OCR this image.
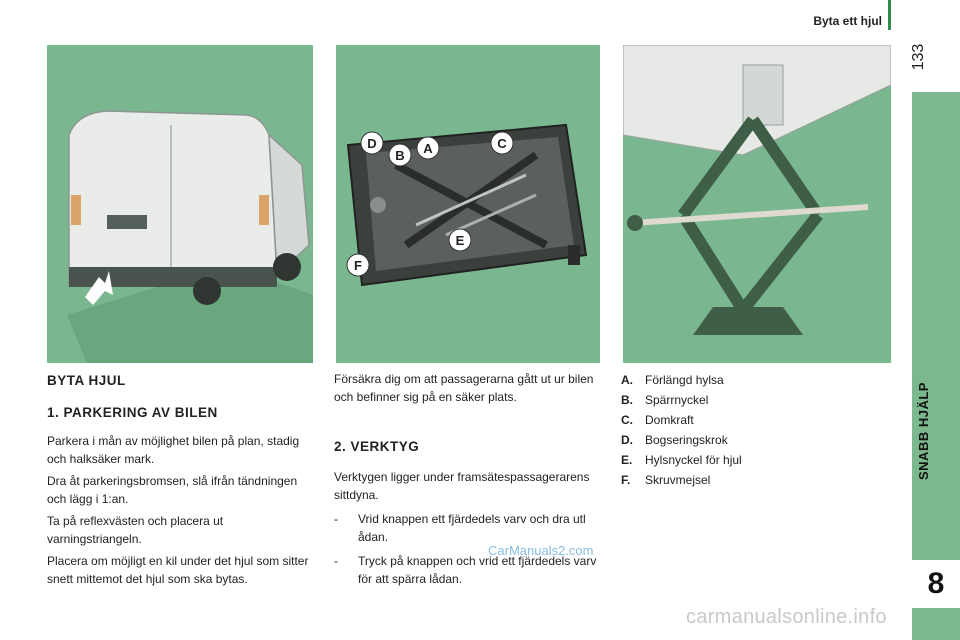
Byta ett hjul
133
SNABB HJÄLP
8
D
B A	C
E
F
BYTA HJUL
1. PARKERING AV BILEN

Parkera i mån av möjlighet bilen på plan, stadig och halksäker mark.

Dra åt parkeringsbromsen, slå ifrån tändningen och lägg i 1:an.

Ta på reflexvästen och placera ut varningstriangeln.

Placera om möjligt en kil under det hjul som sitter snett mittemot det hjul som ska bytas.

Försäkra dig om att passagerarna gått ut ur bilen och befinner sig på en säker plats.

2. VERKTYG

Verktygen ligger under framsätespassagerarens sittdyna.

- Vrid knappen ett fjärdedels varv och dra utl ådan.
- Tryck på knappen och vrid ett fjärdedels varv för att spärra lådan.
A.	Förlängd hylsa
B.	Spärrnyckel
C.	Domkraft
D.	Bogseringskrok
E.	Hylsnyckel för hjul
F.	Skruvmejsel
CarManuals2.com
carmanualsonline.info
